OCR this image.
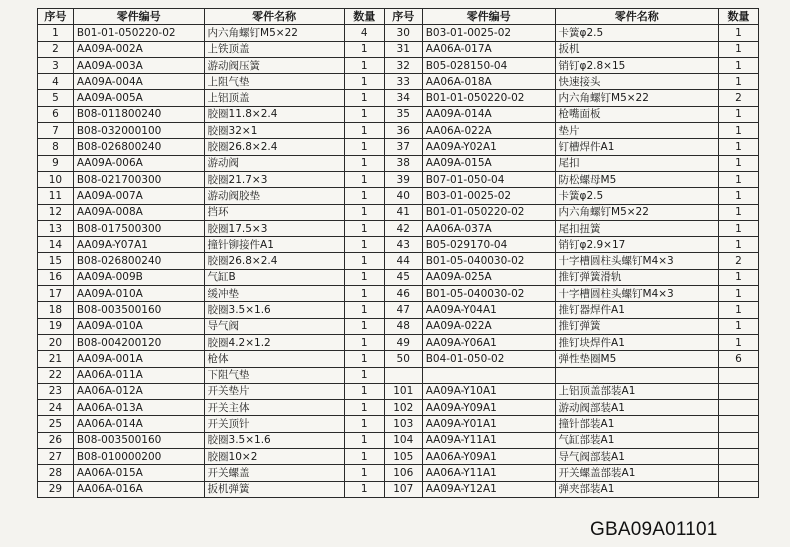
序号	零件编号	零件名称	数量	序号	零件编号	零件名称	数量
1	B01-01-050220-02	内六角螺钉M5×22	4	30	B03-01-0025-02	卡簧φ2.5	1
2	AA09A-002A	上铁顶盖	1	31	AA06A-017A	扳机	1
3	AA09A-003A	游动阀压簧	1	32	B05-028150-04	销钉φ2.8×15	1
4	AA09A-004A	上阻气垫	1	33	AA06A-018A	快速接头	1
5	AA09A-005A	上铝顶盖	1	34	B01-01-050220-02	内六角螺钉M5×22	2
6	B08-011800240	胶圈11.8×2.4	1	35	AA09A-014A	枪嘴面板	1
7	B08-032000100	胶圈32×1	1	36	AA06A-022A	垫片	1
8	B08-026800240	胶圈26.8×2.4	1	37	AA09A-Y02A1	钉槽焊件A1	1
9	AA09A-006A	游动阀	1	38	AA09A-015A	尾扣	1
10	B08-021700300	胶圈21.7×3	1	39	B07-01-050-04	防松螺母M5	1
11	AA09A-007A	游动阀胶垫	1	40	B03-01-0025-02	卡簧φ2.5	1
12	AA09A-008A	挡环	1	41	B01-01-050220-02	内六角螺钉M5×22	1
13	B08-017500300	胶圈17.5×3	1	42	AA06A-037A	尾扣扭簧	1
14	AA09A-Y07A1	撞针铆接件A1	1	43	B05-029170-04	销钉φ2.9×17	1
15	B08-026800240	胶圈26.8×2.4	1	44	B01-05-040030-02	十字槽圆柱头螺钉M4×3	2
16	AA09A-009B	气缸B	1	45	AA09A-025A	推钉弹簧滑轨	1
17	AA09A-010A	缓冲垫	1	46	B01-05-040030-02	十字槽圆柱头螺钉M4×3	1
18	B08-003500160	胶圈3.5×1.6	1	47	AA09A-Y04A1	推钉器焊件A1	1
19	AA09A-010A	导气阀	1	48	AA09A-022A	推钉弹簧	1
20	B08-004200120	胶圈4.2×1.2	1	49	AA09A-Y06A1	推钉块焊件A1	1
21	AA09A-001A	枪体	1	50	B04-01-050-02	弹性垫圈M5	6
22	AA06A-011A	下阻气垫	1				
23	AA06A-012A	开关垫片	1	101	AA09A-Y10A1	上铝顶盖部装A1	
24	AA06A-013A	开关主体	1	102	AA09A-Y09A1	游动阀部装A1	
25	AA06A-014A	开关顶针	1	103	AA09A-Y01A1	撞针部装A1	
26	B08-003500160	胶圈3.5×1.6	1	104	AA09A-Y11A1	气缸部装A1	
27	B08-010000200	胶圈10×2	1	105	AA06A-Y09A1	导气阀部装A1	
28	AA06A-015A	开关螺盖	1	106	AA06A-Y11A1	开关螺盖部装A1	
29	AA06A-016A	扳机弹簧	1	107	AA09A-Y12A1	弹夹部装A1	
GBA09A01101
